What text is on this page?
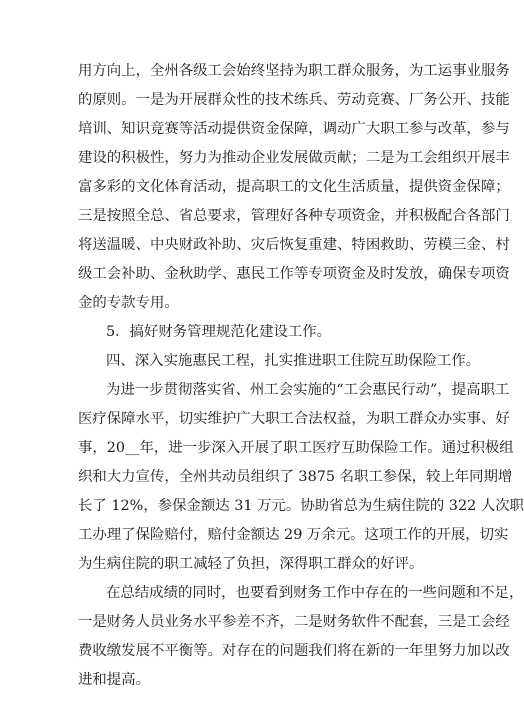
用方向上，全州各级工会始终坚持为职工群众服务，为工运事业服务
的原则。一是为开展群众性的技术练兵、劳动竞赛、厂务公开、技能
培训、知识竞赛等活动提供资金保障，调动广大职工参与改革，参与
建设的积极性，努力为推动企业发展做贡献；二是为工会组织开展丰
富多彩的文化体育活动，提高职工的文化生活质量，提供资金保障；
三是按照全总、省总要求，管理好各种专项资金，并积极配合各部门
将送温暖、中央财政补助、灾后恢复重建、特困救助、劳模三金、村
级工会补助、金秋助学、惠民工作等专项资金及时发放，确保专项资
金的专款专用。
5．搞好财务管理规范化建设工作。
四、深入实施惠民工程，扎实推进职工住院互助保险工作。
为进一步贯彻落实省、州工会实施的“工会惠民行动”，提高职工
医疗保障水平，切实维护广大职工合法权益，为职工群众办实事、好
事，20__年，进一步深入开展了职工医疗互助保险工作。通过积极组
织和大力宣传，全州共动员组织了 3875 名职工参保，较上年同期增
长了 12%，参保金额达 31 万元。协助省总为生病住院的 322 人次职
工办理了保险赔付，赔付金额达 29 万余元。这项工作的开展，切实
为生病住院的职工减轻了负担，深得职工群众的好评。
在总结成绩的同时，也要看到财务工作中存在的一些问题和不足，
一是财务人员业务水平参差不齐，二是财务软件不配套，三是工会经
费收缴发展不平衡等。对存在的问题我们将在新的一年里努力加以改
进和提高。
